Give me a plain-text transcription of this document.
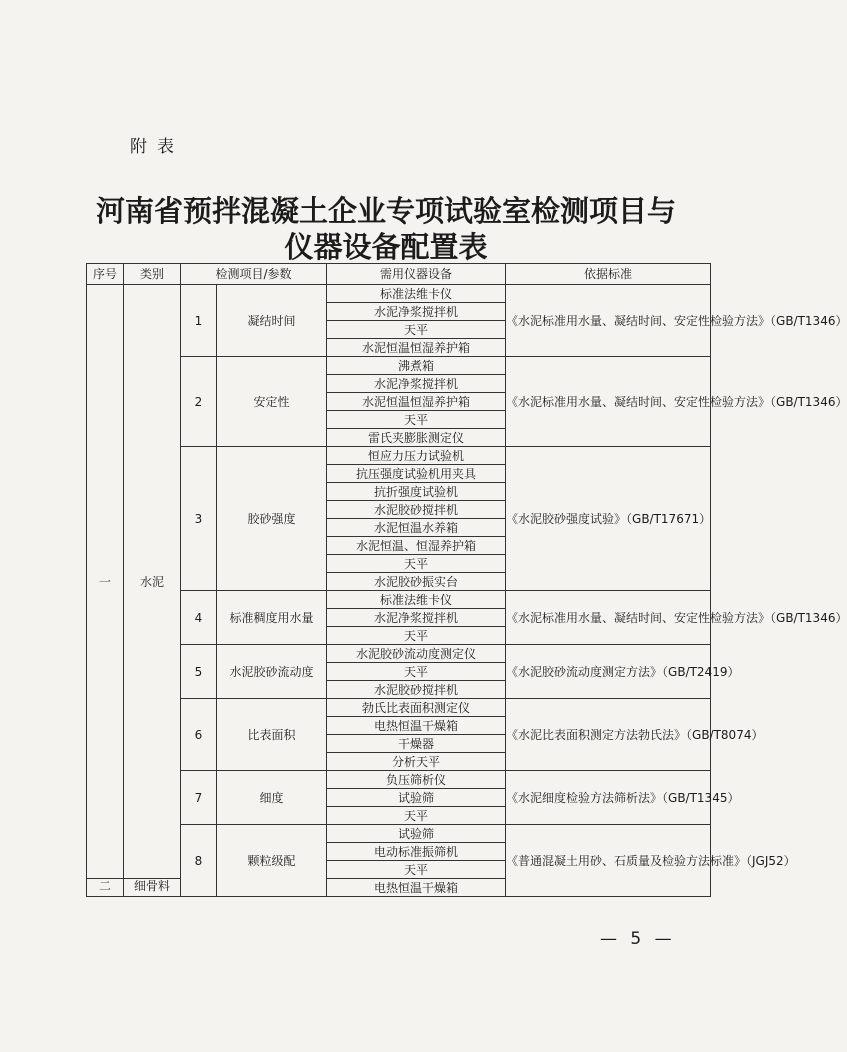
附表
河南省预拌混凝土企业专项试验室检测项目与
仪器设备配置表
序号	类别	检测项目/参数		需用仪器设备	依据标准
一	水泥	1	凝结时间	标准法维卡仪	《水泥标准用水量、凝结时间、安定性检验方法》（GB/T1346）
				水泥净浆搅拌机	
				天平	
				水泥恒温恒湿养护箱	
		2	安定性	沸煮箱	《水泥标准用水量、凝结时间、安定性检验方法》（GB/T1346）
				水泥净浆搅拌机	
				水泥恒温恒湿养护箱	
				天平	
				雷氏夹膨胀测定仪	
		3	胶砂强度	恒应力压力试验机	《水泥胶砂强度试验》（GB/T17671）
				抗压强度试验机用夹具	
				抗折强度试验机	
				水泥胶砂搅拌机	
				水泥恒温水养箱	
				水泥恒温、恒湿养护箱	
				天平	
				水泥胶砂振实台	
		4	标准稠度用水量	标准法维卡仪	《水泥标准用水量、凝结时间、安定性检验方法》（GB/T1346）
				水泥净浆搅拌机	
				天平	
		5	水泥胶砂流动度	水泥胶砂流动度测定仪	《水泥胶砂流动度测定方法》（GB/T2419）
				天平	
				水泥胶砂搅拌机	
		6	比表面积	勃氏比表面积测定仪	《水泥比表面积测定方法勃氏法》（GB/T8074）
				电热恒温干燥箱	
				干燥器	
				分析天平	
		7	细度	负压筛析仪	《水泥细度检验方法筛析法》（GB/T1345）
				试验筛	
				天平	
		8	颗粒级配	试验筛	《普通混凝土用砂、石质量及检验方法标准》（JGJ52）
				电动标准振筛机	
				天平	
二	细骨料			电热恒温干燥箱	
— 5 —
